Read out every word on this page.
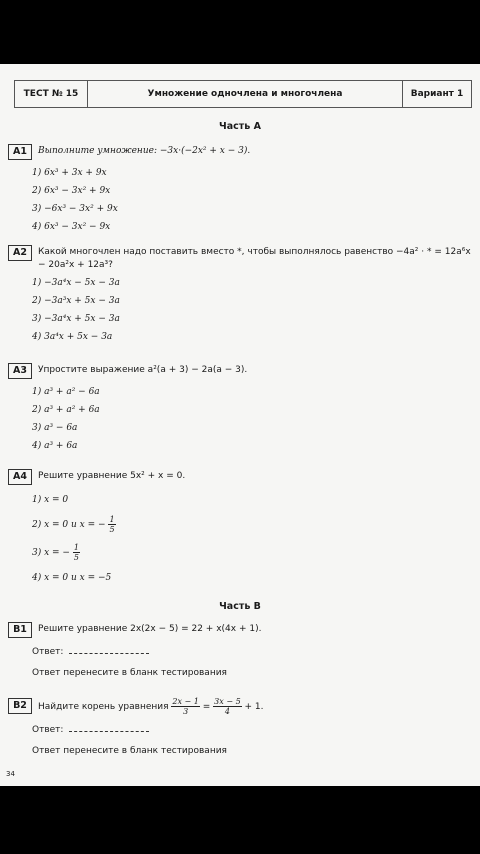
ТЕСТ № 15	Умножение одночлена и многочлена	Вариант 1
Часть А
A1	Выполните умножение: −3x·(−2x² + x − 3).
1) 6x³ + 3x + 9x
2) 6x³ − 3x² + 9x
3) −6x³ − 3x² + 9x
4) 6x³ − 3x² − 9x
A2	Какой многочлен надо поставить вместо *, чтобы выполнялось равенство −4a² · * = 12a⁶x − 20a²x + 12a³?
1) −3a⁴x − 5x − 3a
2) −3a³x + 5x − 3a
3) −3a⁴x + 5x − 3a
4) 3a⁴x + 5x − 3a
A3	Упростите выражение a²(a + 3) − 2a(a − 3).
1) a³ + a² − 6a
2) a³ + a² + 6a
3) a³ − 6a
4) a³ + 6a
A4	Решите уравнение 5x² + x = 0.
1) x = 0
2) x = 0 и x = − $\frac{1}{5}$
3) x = − $\frac{1}{5}$
4) x = 0 и x = −5
Часть В
B1	Решите уравнение 2x(2x − 5) = 22 + x(4x + 1).
Ответ:
Ответ перенесите в бланк тестирования
B2	Найдите корень уравнения $\frac{2x - 1}{3} = \frac{3x - 5}{4} + 1$.
Ответ:
Ответ перенесите в бланк тестирования
34
